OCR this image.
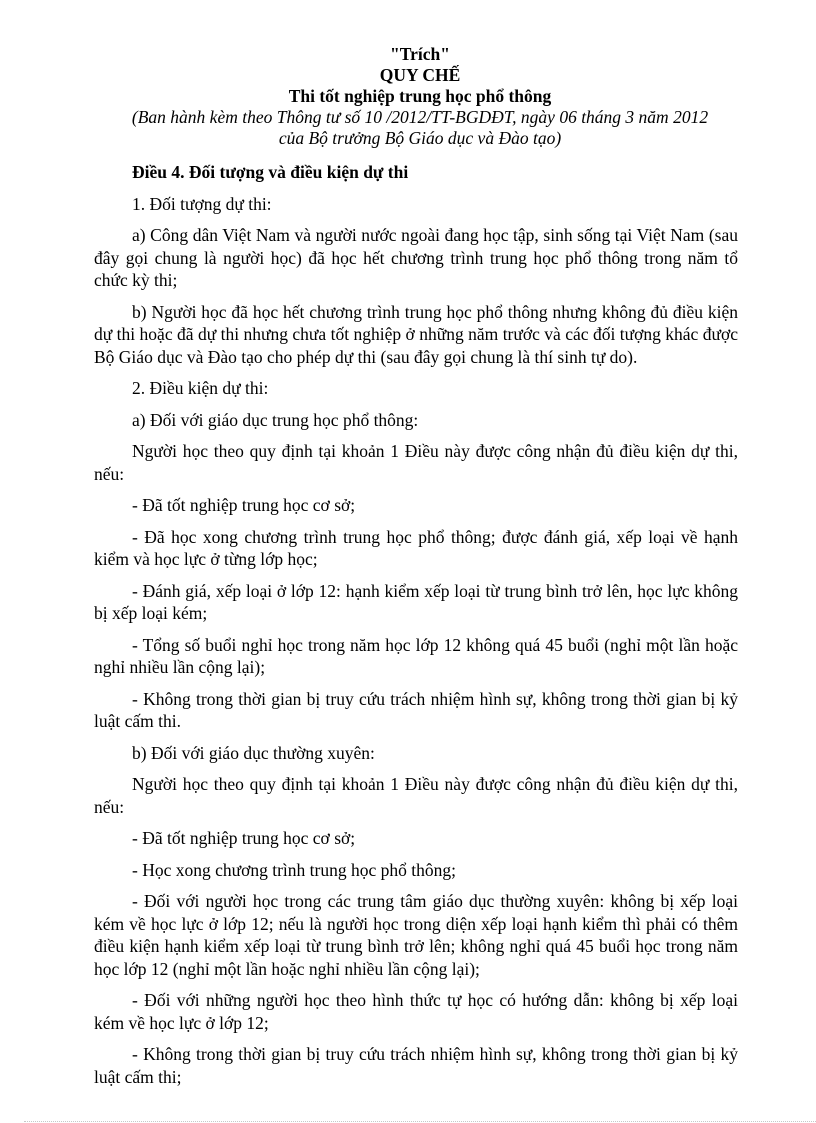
"Trích"
QUY CHẾ
Thi tốt nghiệp trung học phổ thông
(Ban hành kèm theo Thông tư số 10 /2012/TT-BGDĐT, ngày 06 tháng 3 năm 2012
của Bộ trưởng Bộ Giáo dục và Đào tạo)

Điều 4. Đối tượng và điều kiện dự thi

1. Đối tượng dự thi:

a) Công dân Việt Nam và người nước ngoài đang học tập, sinh sống tại Việt Nam (sau đây gọi chung là người học) đã học hết chương trình trung học phổ thông trong năm tổ chức kỳ thi;

b) Người học đã học hết chương trình trung học phổ thông nhưng không đủ điều kiện dự thi hoặc đã dự thi nhưng chưa tốt nghiệp ở những năm trước và các đối tượng khác được Bộ Giáo dục và Đào tạo cho phép dự thi (sau đây gọi chung là thí sinh tự do).

2. Điều kiện dự thi:

a) Đối với giáo dục trung học phổ thông:

Người học theo quy định tại khoản 1 Điều này được công nhận đủ điều kiện dự thi, nếu:

- Đã tốt nghiệp trung học cơ sở;

- Đã học xong chương trình trung học phổ thông; được đánh giá, xếp loại về hạnh kiểm và học lực ở từng lớp học;

- Đánh giá, xếp loại ở lớp 12: hạnh kiểm xếp loại từ trung bình trở lên, học lực không bị xếp loại kém;

- Tổng số buổi nghỉ học trong năm học lớp 12 không quá 45 buổi (nghỉ một lần hoặc nghỉ nhiều lần cộng lại);

- Không trong thời gian bị truy cứu trách nhiệm hình sự, không trong thời gian bị kỷ luật cấm thi.

b) Đối với giáo dục thường xuyên:

Người học theo quy định tại khoản 1 Điều này được công nhận đủ điều kiện dự thi, nếu:

- Đã tốt nghiệp trung học cơ sở;

- Học xong chương trình trung học phổ thông;

- Đối với người học trong các trung tâm giáo dục thường xuyên: không bị xếp loại kém về học lực ở lớp 12; nếu là người học trong diện xếp loại hạnh kiểm thì phải có thêm điều kiện hạnh kiểm xếp loại từ trung bình trở lên; không nghỉ quá 45 buổi học trong năm học lớp 12 (nghỉ một lần hoặc nghỉ nhiều lần cộng lại);

- Đối với những người học theo hình thức tự học có hướng dẫn: không bị xếp loại kém về học lực ở lớp 12;

- Không trong thời gian bị truy cứu trách nhiệm hình sự, không trong thời gian bị kỷ luật cấm thi;
